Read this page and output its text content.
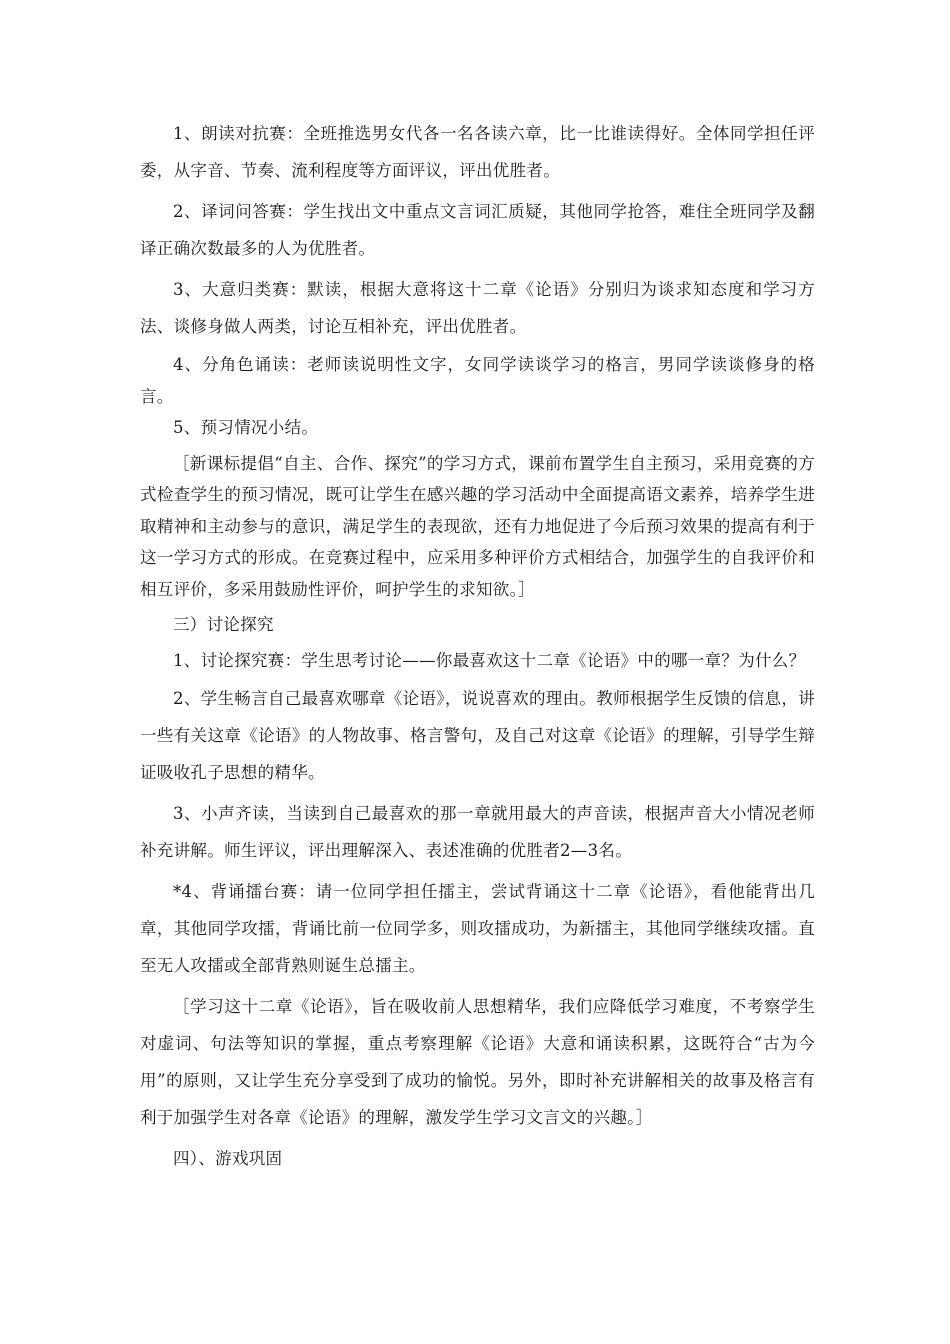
1、朗读对抗赛：全班推选男女代各一名各读六章，比一比谁读得好。全体同学担任评委，从字音、节奏、流利程度等方面评议，评出优胜者。

2、译词问答赛：学生找出文中重点文言词汇质疑，其他同学抢答，难住全班同学及翻译正确次数最多的人为优胜者。

3、大意归类赛：默读，根据大意将这十二章《论语》分别归为谈求知态度和学习方法、谈修身做人两类，讨论互相补充，评出优胜者。

4、分角色诵读：老师读说明性文字，女同学读谈学习的格言，男同学读谈修身的格言。

5、预习情况小结。

［新课标提倡“自主、合作、探究”的学习方式，课前布置学生自主预习，采用竞赛的方式检查学生的预习情况，既可让学生在感兴趣的学习活动中全面提高语文素养，培养学生进取精神和主动参与的意识，满足学生的表现欲，还有力地促进了今后预习效果的提高有利于这一学习方式的形成。在竞赛过程中，应采用多种评价方式相结合，加强学生的自我评价和相互评价，多采用鼓励性评价，呵护学生的求知欲。］

三）讨论探究

1、讨论探究赛：学生思考讨论——你最喜欢这十二章《论语》中的哪一章？为什么？

2、学生畅言自己最喜欢哪章《论语》，说说喜欢的理由。教师根据学生反馈的信息，讲一些有关这章《论语》的人物故事、格言警句，及自己对这章《论语》的理解，引导学生辩证吸收孔子思想的精华。

3、小声齐读，当读到自己最喜欢的那一章就用最大的声音读，根据声音大小情况老师补充讲解。师生评议，评出理解深入、表述准确的优胜者2—3名。

*4、背诵擂台赛：请一位同学担任擂主，尝试背诵这十二章《论语》，看他能背出几章，其他同学攻擂，背诵比前一位同学多，则攻擂成功，为新擂主，其他同学继续攻擂。直至无人攻擂或全部背熟则诞生总擂主。

［学习这十二章《论语》，旨在吸收前人思想精华，我们应降低学习难度，不考察学生对虚词、句法等知识的掌握，重点考察理解《论语》大意和诵读积累，这既符合“古为今用”的原则，又让学生充分享受到了成功的愉悦。另外，即时补充讲解相关的故事及格言有利于加强学生对各章《论语》的理解，激发学生学习文言文的兴趣。］

四）、游戏巩固
